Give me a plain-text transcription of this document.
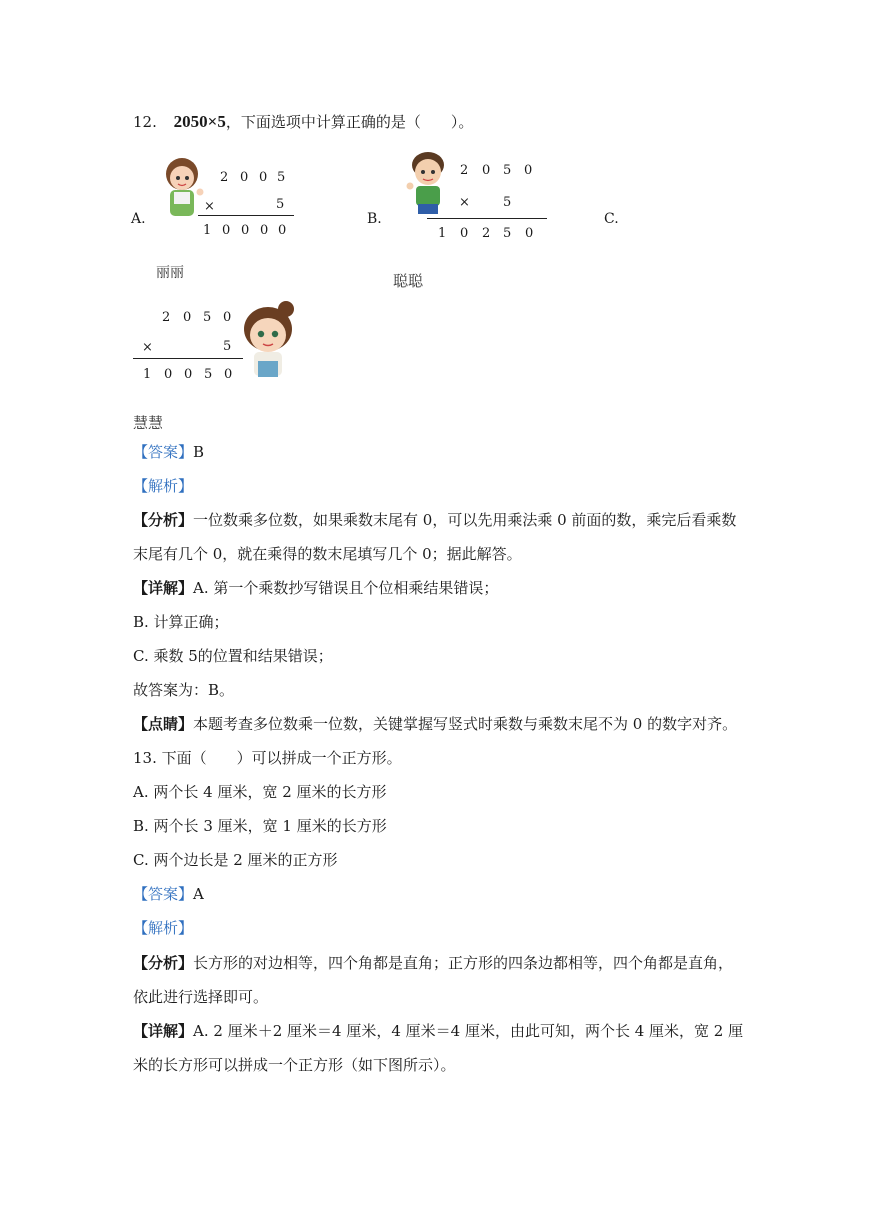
12. 2050×5，下面选项中计算正确的是（　　）。
A.
2 0 0 5
×	5
1 0 0 0 0
丽丽
B.
2 0 5 0
×	5
1 0 2 5 0
聪聪
C.
2 0 5 0
×	5
1 0 0 5 0
慧慧
【答案】B
【解析】
【分析】一位数乘多位数，如果乘数末尾有 0，可以先用乘法乘 0 前面的数，乘完后看乘数
末尾有几个 0，就在乘得的数末尾填写几个 0；据此解答。
【详解】A. 第一个乘数抄写错误且个位相乘结果错误；
B. 计算正确；
C. 乘数 5的位置和结果错误；
故答案为：B。
【点睛】本题考查多位数乘一位数，关键掌握写竖式时乘数与乘数末尾不为 0 的数字对齐。
13. 下面（　　）可以拼成一个正方形。
A. 两个长 4 厘米，宽 2 厘米的长方形
B. 两个长 3 厘米，宽 1 厘米的长方形
C. 两个边长是 2 厘米的正方形
【答案】A
【解析】
【分析】长方形的对边相等，四个角都是直角；正方形的四条边都相等，四个角都是直角，
依此进行选择即可。
【详解】A. 2 厘米＋2 厘米＝4 厘米，4 厘米＝4 厘米，由此可知，两个长 4 厘米，宽 2 厘
米的长方形可以拼成一个正方形（如下图所示）。
